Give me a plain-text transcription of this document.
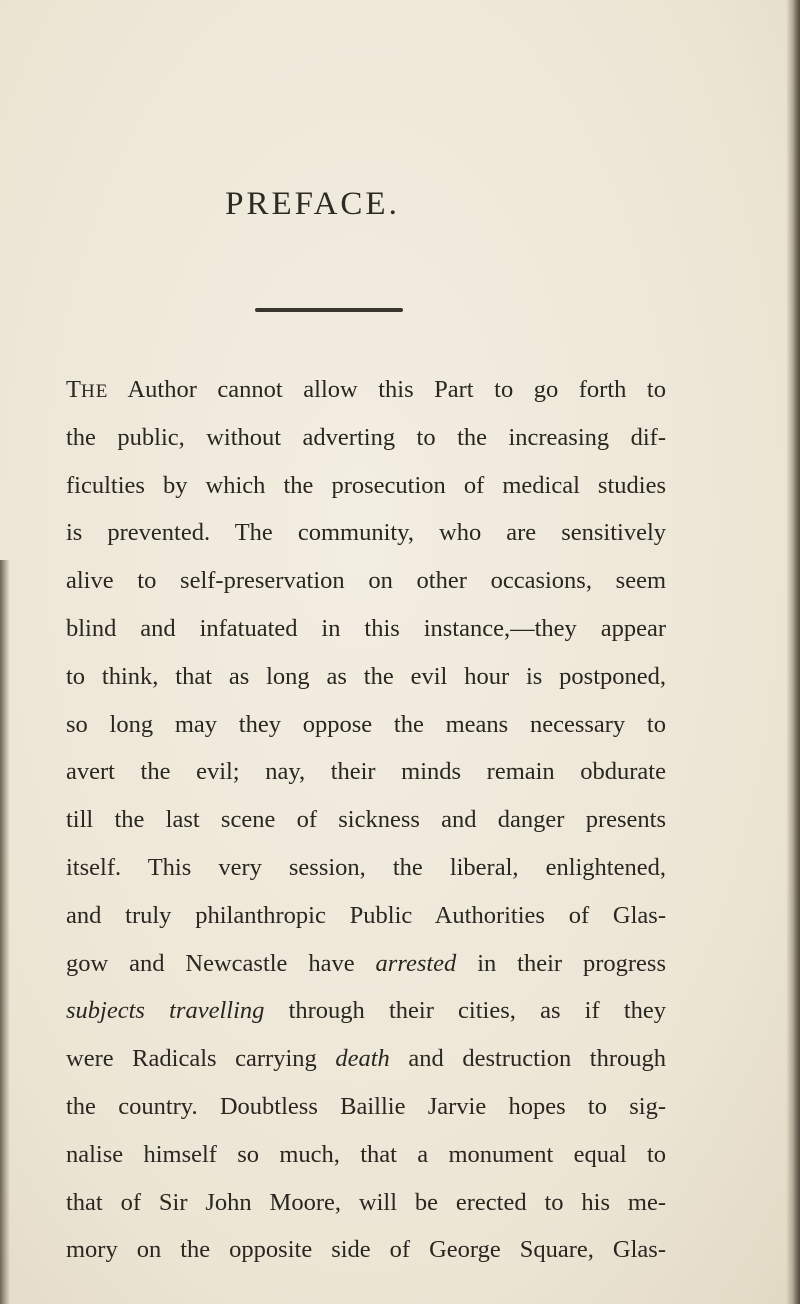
PREFACE.
THE Author cannot allow this Part to go forth to
the public, without adverting to the increasing dif-
ficulties by which the prosecution of medical studies
is prevented. The community, who are sensitively
alive to self-preservation on other occasions, seem
blind and infatuated in this instance,—they appear
to think, that as long as the evil hour is postponed,
so long may they oppose the means necessary to
avert the evil; nay, their minds remain obdurate
till the last scene of sickness and danger presents
itself. This very session, the liberal, enlightened,
and truly philanthropic Public Authorities of Glas-
gow and Newcastle have arrested in their progress
subjects travelling through their cities, as if they
were Radicals carrying death and destruction through
the country. Doubtless Baillie Jarvie hopes to sig-
nalise himself so much, that a monument equal to
that of Sir John Moore, will be erected to his me-
mory on the opposite side of George Square, Glas-
